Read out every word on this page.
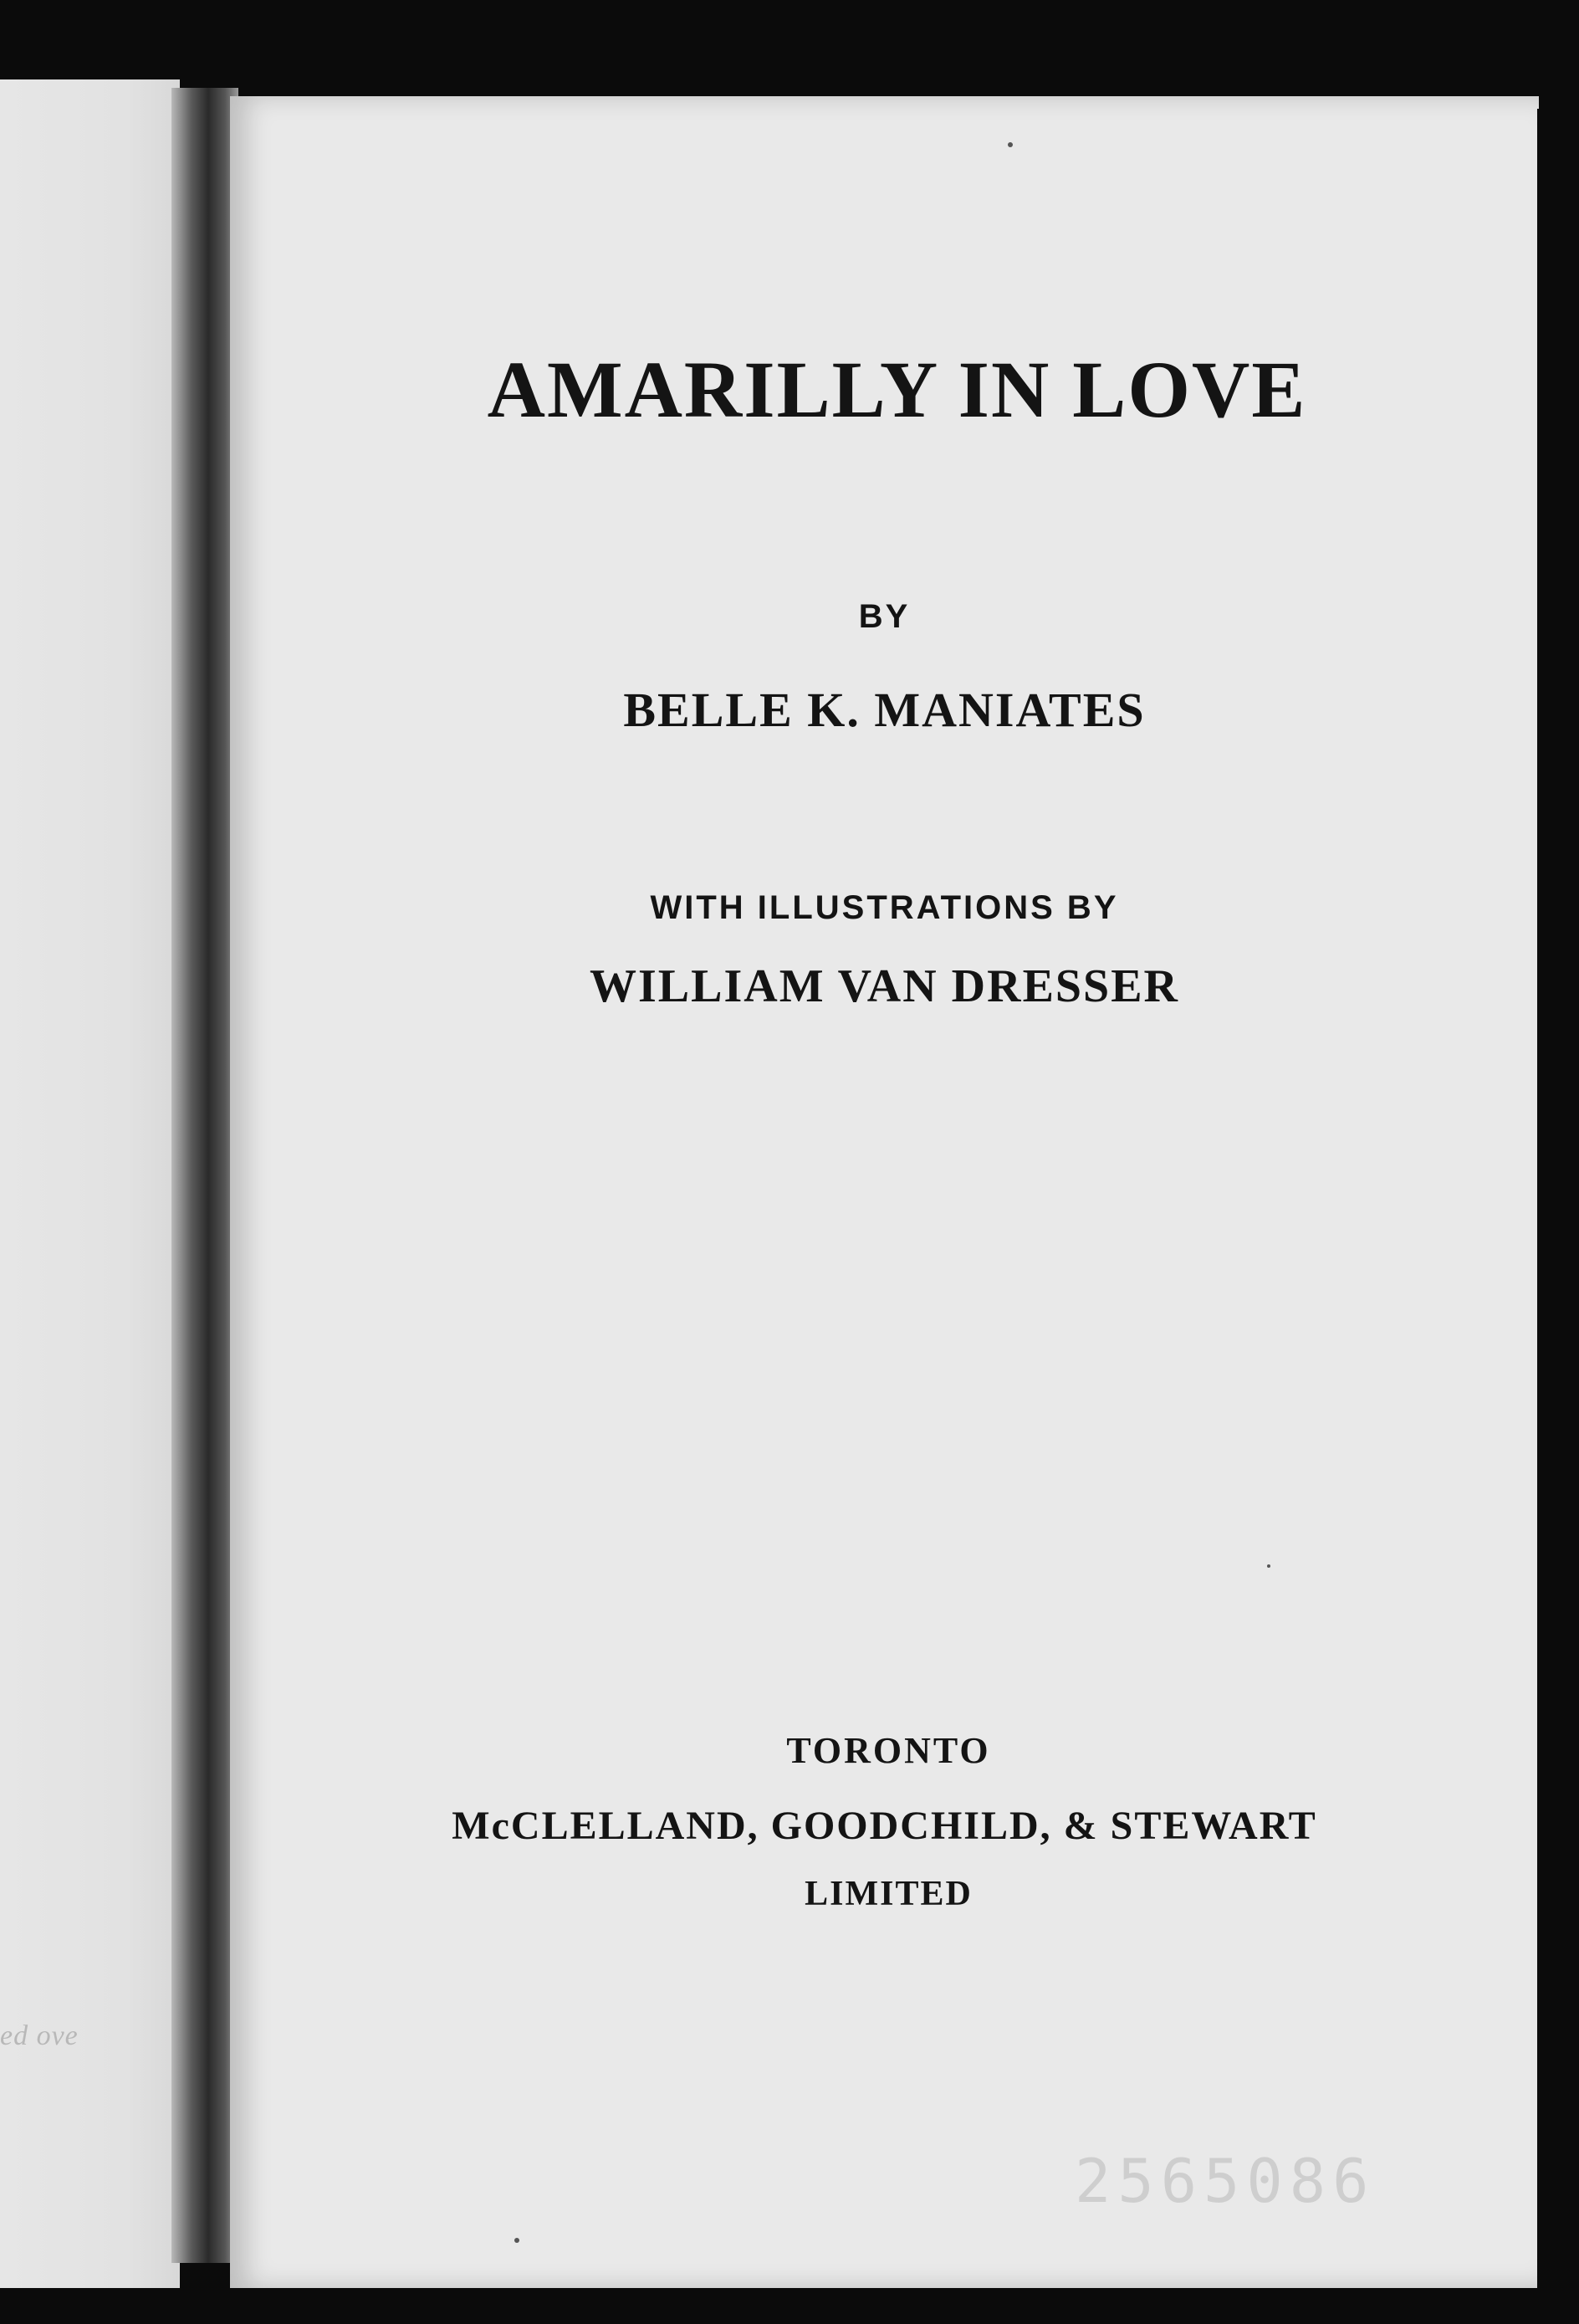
ed ove
AMARILLY IN LOVE
BY
BELLE K. MANIATES
WITH ILLUSTRATIONS BY
WILLIAM VAN DRESSER
TORONTO
McCLELLAND, GOODCHILD, & STEWART
LIMITED
2565086
